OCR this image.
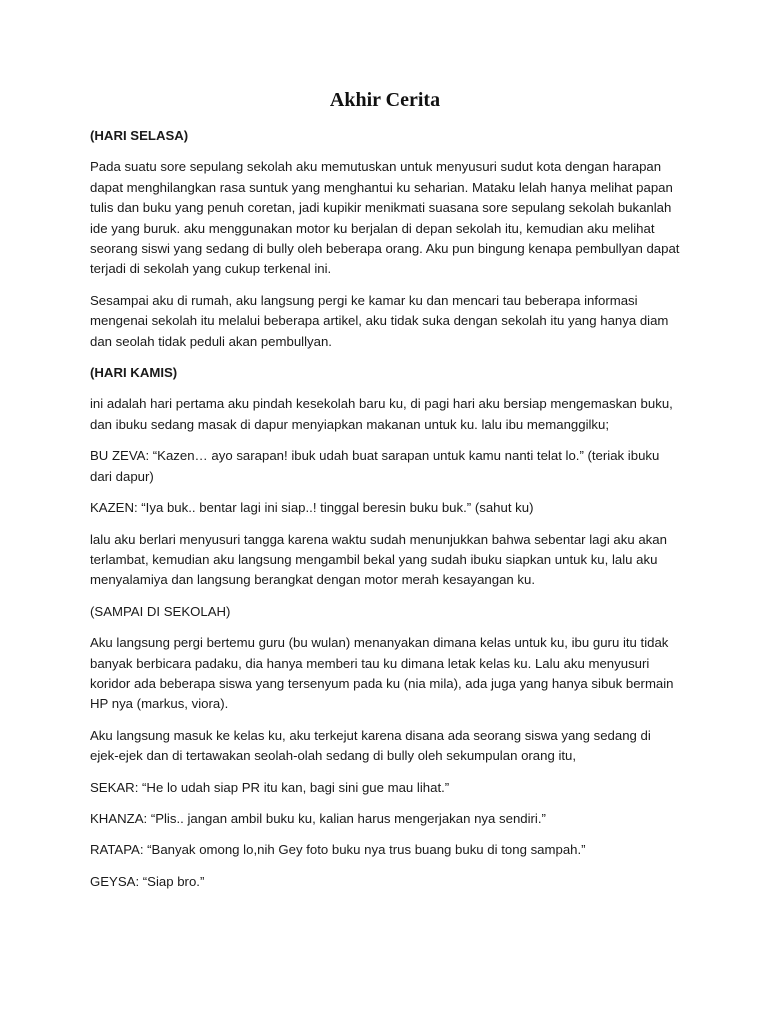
Akhir Cerita

(HARI SELASA)

Pada suatu sore sepulang sekolah aku memutuskan untuk menyusuri sudut kota dengan harapan dapat menghilangkan rasa suntuk yang menghantui ku seharian. Mataku lelah hanya melihat papan tulis dan buku yang penuh coretan, jadi kupikir menikmati suasana sore sepulang sekolah bukanlah ide yang buruk. aku menggunakan motor ku berjalan di depan sekolah itu, kemudian aku melihat seorang siswi yang sedang di bully oleh beberapa orang. Aku pun bingung kenapa pembullyan dapat terjadi di sekolah yang cukup terkenal ini.

Sesampai aku di rumah, aku langsung pergi ke kamar ku dan mencari tau beberapa informasi mengenai sekolah itu melalui beberapa artikel, aku tidak suka dengan sekolah itu yang hanya diam dan seolah tidak peduli akan pembullyan.

(HARI KAMIS)

ini adalah hari pertama aku pindah kesekolah baru ku, di pagi hari aku bersiap mengemaskan buku, dan ibuku sedang masak di dapur menyiapkan makanan untuk ku. lalu ibu memanggilku;

BU ZEVA: “Kazen… ayo sarapan! ibuk udah buat sarapan untuk kamu nanti telat lo.” (teriak ibuku dari dapur)

KAZEN: “Iya buk.. bentar lagi ini siap..! tinggal beresin buku buk.” (sahut ku)

lalu aku berlari menyusuri tangga karena waktu sudah menunjukkan bahwa sebentar lagi aku akan terlambat, kemudian aku langsung mengambil bekal yang sudah ibuku siapkan untuk ku, lalu aku menyalamiya dan langsung berangkat dengan motor merah kesayangan ku.

(SAMPAI DI SEKOLAH)

Aku langsung pergi bertemu guru (bu wulan) menanyakan dimana kelas untuk ku, ibu guru itu tidak banyak berbicara padaku, dia hanya memberi tau ku dimana letak kelas ku. Lalu aku menyusuri koridor ada beberapa siswa yang tersenyum pada ku (nia mila), ada juga yang hanya sibuk bermain HP nya (markus, viora).

Aku langsung masuk ke kelas ku, aku terkejut karena disana ada seorang siswa yang sedang di ejek-ejek dan di tertawakan seolah-olah sedang di bully oleh sekumpulan orang itu,

SEKAR: “He lo udah siap PR itu kan, bagi sini gue mau lihat.”

KHANZA: “Plis.. jangan ambil buku ku, kalian harus mengerjakan nya sendiri.”

RATAPA: “Banyak omong lo,nih Gey foto buku nya trus buang buku di tong sampah.”

GEYSA: “Siap bro.”
